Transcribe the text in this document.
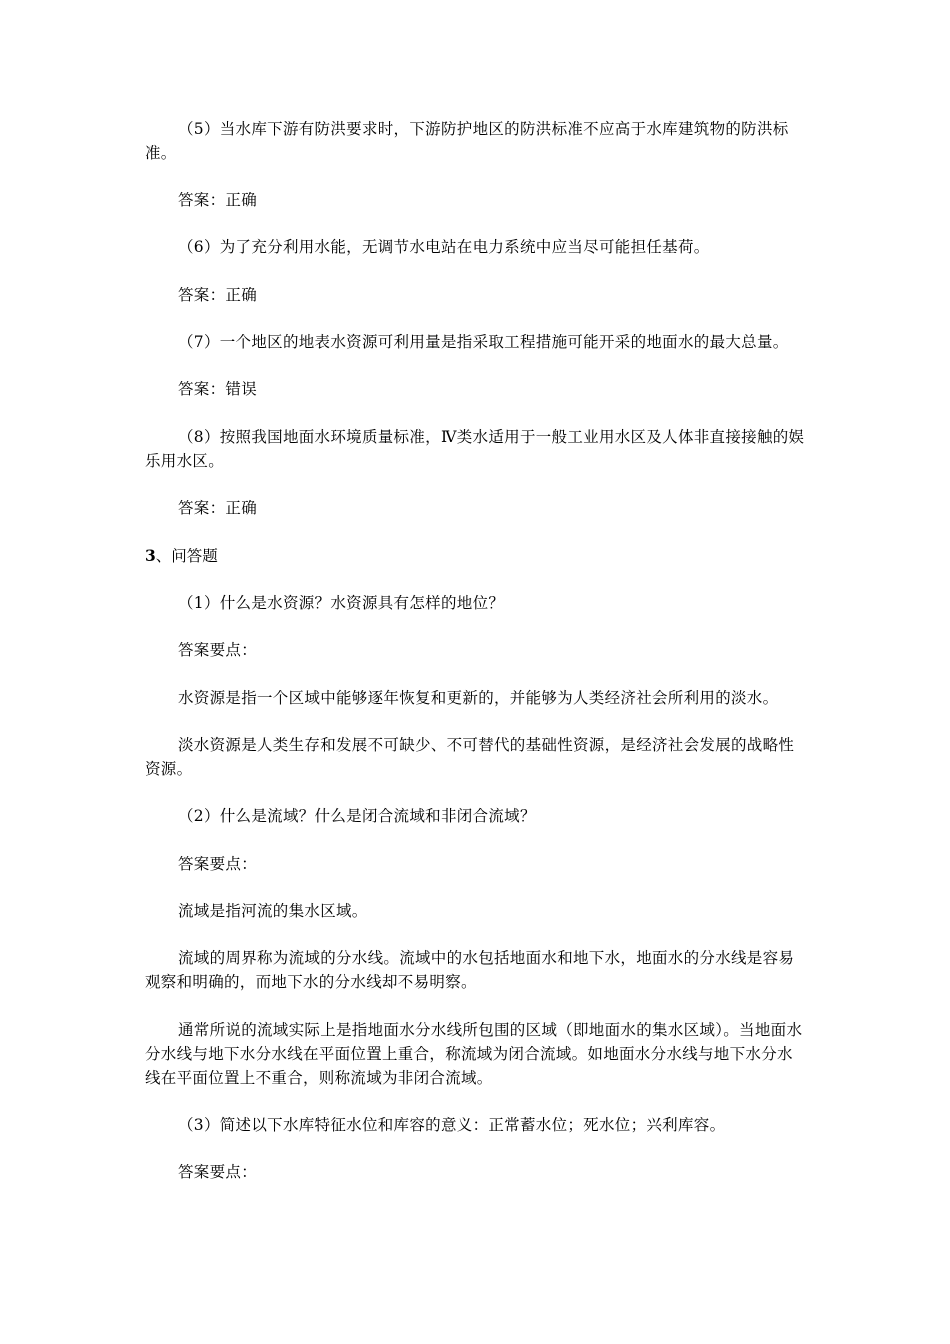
（5）当水库下游有防洪要求时，下游防护地区的防洪标准不应高于水库建筑物的防洪标准。

答案：正确

（6）为了充分利用水能，无调节水电站在电力系统中应当尽可能担任基荷。

答案：正确

（7）一个地区的地表水资源可利用量是指采取工程措施可能开采的地面水的最大总量。

答案：错误

（8）按照我国地面水环境质量标准，Ⅳ类水适用于一般工业用水区及人体非直接接触的娱乐用水区。

答案：正确

3、问答题

（1）什么是水资源？水资源具有怎样的地位？

答案要点：

水资源是指一个区域中能够逐年恢复和更新的，并能够为人类经济社会所利用的淡水。

淡水资源是人类生存和发展不可缺少、不可替代的基础性资源，是经济社会发展的战略性资源。

（2）什么是流域？什么是闭合流域和非闭合流域？

答案要点：

流域是指河流的集水区域。

流域的周界称为流域的分水线。流域中的水包括地面水和地下水，地面水的分水线是容易观察和明确的，而地下水的分水线却不易明察。

通常所说的流域实际上是指地面水分水线所包围的区域（即地面水的集水区域）。当地面水分水线与地下水分水线在平面位置上重合，称流域为闭合流域。如地面水分水线与地下水分水线在平面位置上不重合，则称流域为非闭合流域。

（3）简述以下水库特征水位和库容的意义：正常蓄水位；死水位；兴利库容。

答案要点：
